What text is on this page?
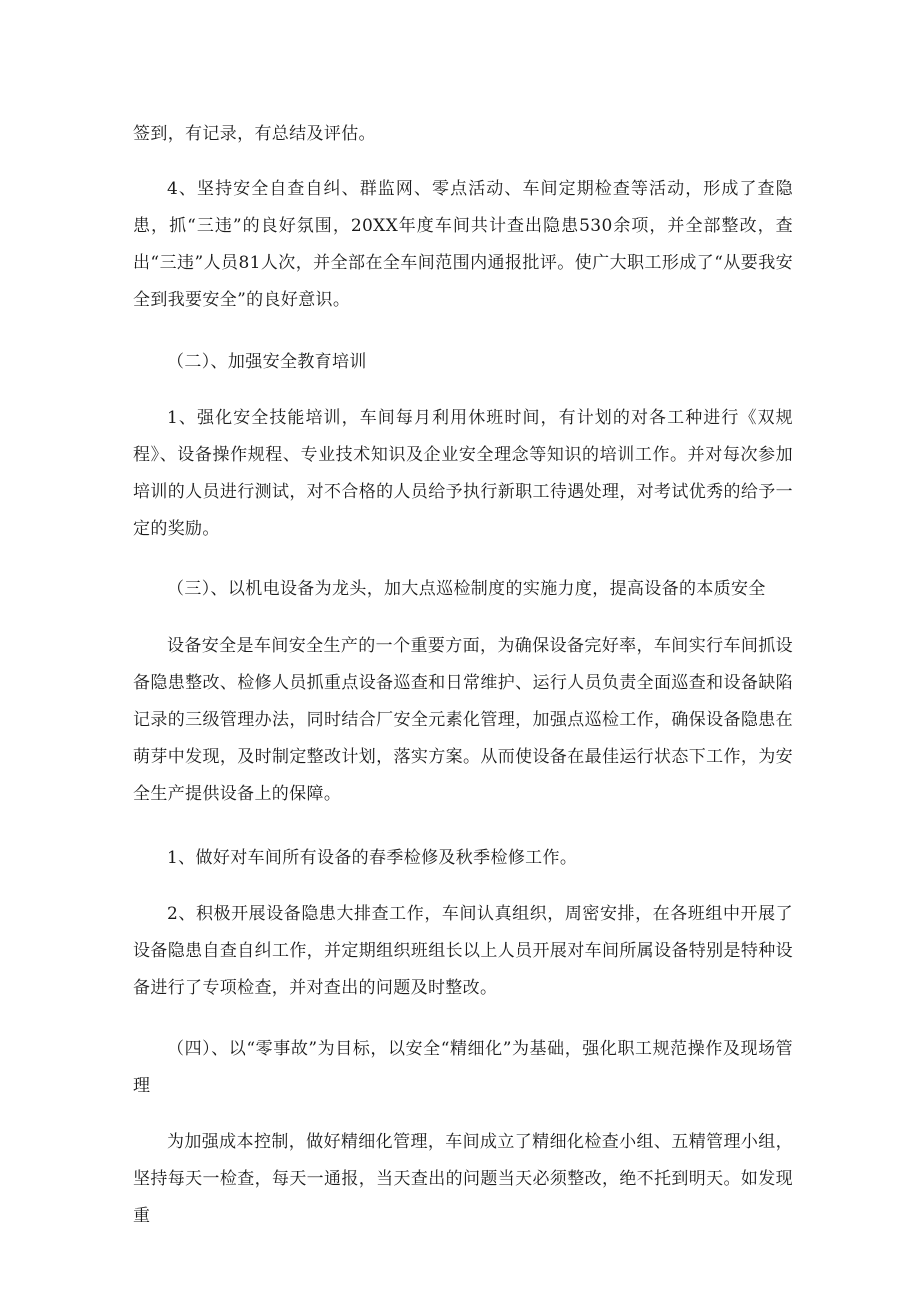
签到，有记录，有总结及评估。

4、坚持安全自查自纠、群监网、零点活动、车间定期检查等活动，形成了查隐患，抓“三违”的良好氛围，20XX年度车间共计查出隐患530余项，并全部整改，查出“三违”人员81人次，并全部在全车间范围内通报批评。使广大职工形成了“从要我安全到我要安全”的良好意识。

（二）、加强安全教育培训

1、强化安全技能培训，车间每月利用休班时间，有计划的对各工种进行《双规程》、设备操作规程、专业技术知识及企业安全理念等知识的培训工作。并对每次参加培训的人员进行测试，对不合格的人员给予执行新职工待遇处理，对考试优秀的给予一定的奖励。

（三）、以机电设备为龙头，加大点巡检制度的实施力度，提高设备的本质安全

设备安全是车间安全生产的一个重要方面，为确保设备完好率，车间实行车间抓设备隐患整改、检修人员抓重点设备巡查和日常维护、运行人员负责全面巡查和设备缺陷记录的三级管理办法，同时结合厂安全元素化管理，加强点巡检工作，确保设备隐患在萌芽中发现，及时制定整改计划，落实方案。从而使设备在最佳运行状态下工作，为安全生产提供设备上的保障。

1、做好对车间所有设备的春季检修及秋季检修工作。

2、积极开展设备隐患大排查工作，车间认真组织，周密安排，在各班组中开展了设备隐患自查自纠工作，并定期组织班组长以上人员开展对车间所属设备特别是特种设备进行了专项检查，并对查出的问题及时整改。

（四）、以“零事故”为目标，以安全“精细化”为基础，强化职工规范操作及现场管理

为加强成本控制，做好精细化管理，车间成立了精细化检查小组、五精管理小组，坚持每天一检查，每天一通报，当天查出的问题当天必须整改，绝不托到明天。如发现重
